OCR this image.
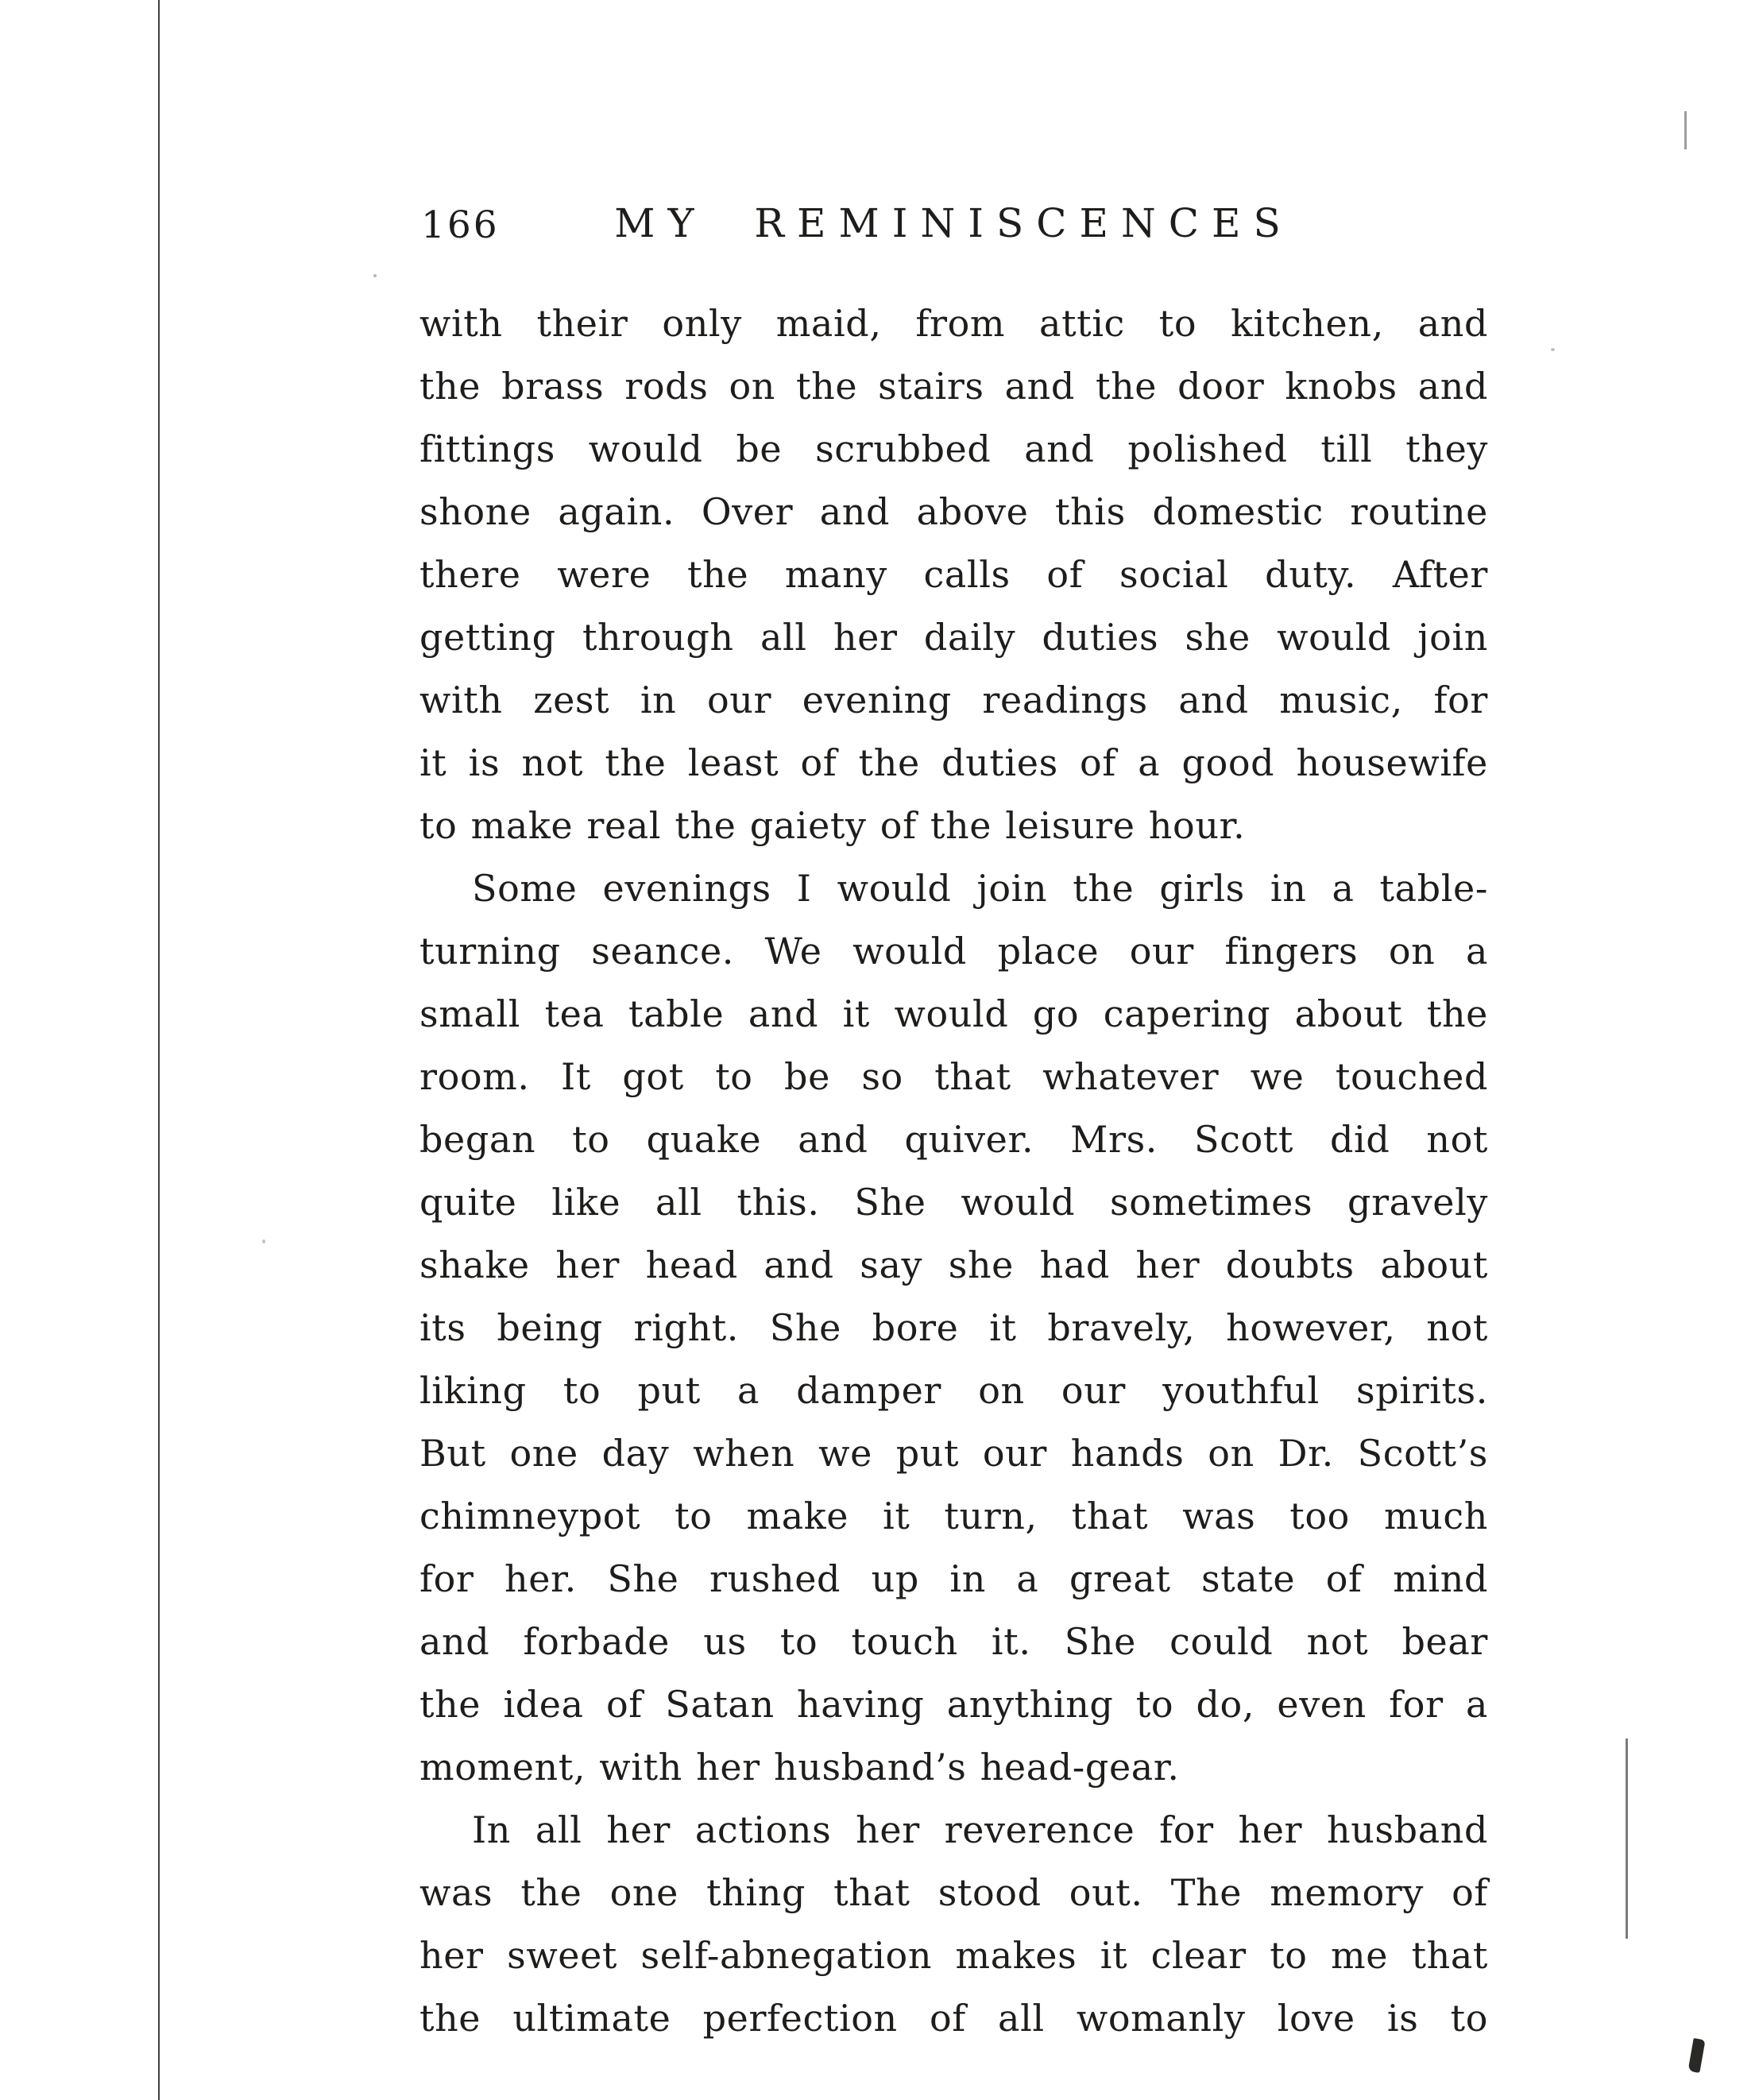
166	MY REMINISCENCES
with their only maid, from attic to kitchen, and
the brass rods on the stairs and the door knobs and
fittings would be scrubbed and polished till they
shone again. Over and above this domestic routine
there were the many calls of social duty. After
getting through all her daily duties she would join
with zest in our evening readings and music, for
it is not the least of the duties of a good housewife
to make real the gaiety of the leisure hour.
Some evenings I would join the girls in a table-
turning seance. We would place our fingers on a
small tea table and it would go capering about the
room. It got to be so that whatever we touched
began to quake and quiver. Mrs. Scott did not
quite like all this. She would sometimes gravely
shake her head and say she had her doubts about
its being right. She bore it bravely, however, not
liking to put a damper on our youthful spirits.
But one day when we put our hands on Dr. Scott’s
chimneypot to make it turn, that was too much
for her. She rushed up in a great state of mind
and forbade us to touch it. She could not bear
the idea of Satan having anything to do, even for a
moment, with her husband’s head-gear.
In all her actions her reverence for her husband
was the one thing that stood out. The memory of
her sweet self-abnegation makes it clear to me that
the ultimate perfection of all womanly love is to
